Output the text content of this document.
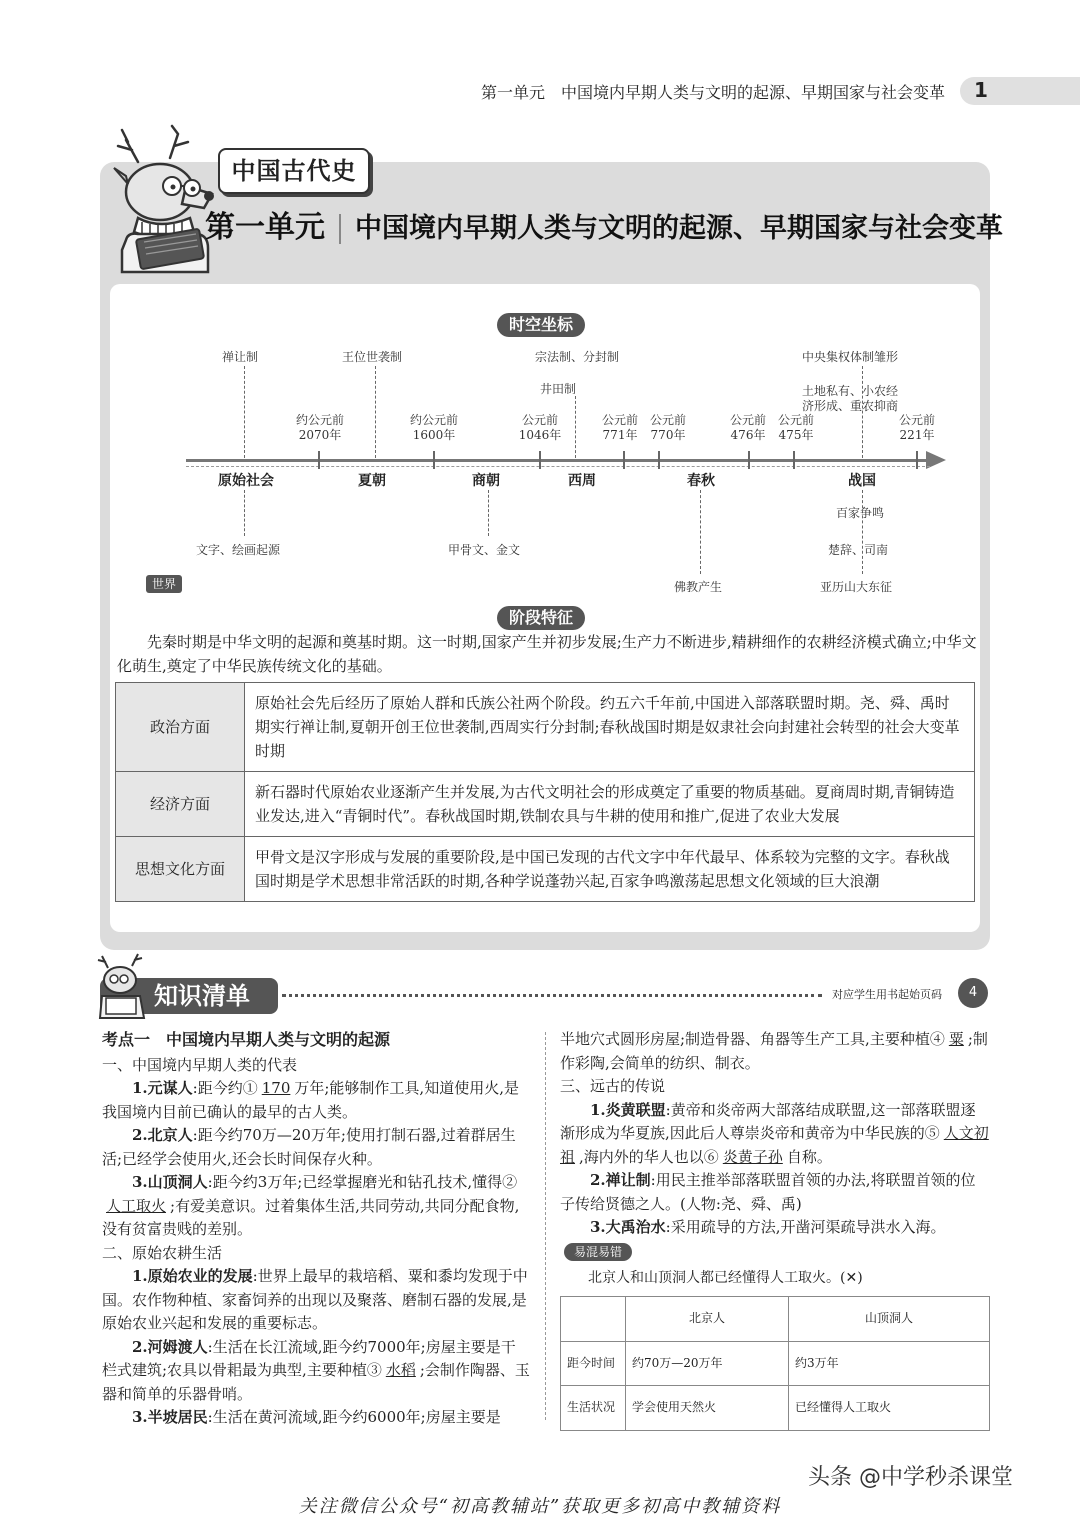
第一单元　中国境内早期人类与文明的起源、早期国家与社会变革 1
中国古代史
第一单元 中国境内早期人类与文明的起源、早期国家与社会变革
时空坐标
禅让制	王位世袭制	宗法制、分封制
井田制
中央集权体制雏形
土地私有、小农经
济形成、重农抑商
约公元前
2070年
约公元前
1600年
公元前
1046年
公元前
771年
公元前
770年
公元前
476年
公元前
475年
公元前
221年
原始社会	夏朝	商朝	西周	春秋	战国
文字、绘画起源	甲骨文、金文
佛教产生
百家争鸣
楚辞、司南
亚历山大东征
世界
阶段特征
先秦时期是中华文明的起源和奠基时期。这一时期,国家产生并初步发展;生产力不断进步,精耕细作的农耕经济模式确立;中华文化萌生,奠定了中华民族传统文化的基础。
政治方面	原始社会先后经历了原始人群和氏族公社两个阶段。约五六千年前,中国进入部落联盟时期。尧、舜、禹时期实行禅让制,夏朝开创王位世袭制,西周实行分封制;春秋战国时期是奴隶社会向封建社会转型的社会大变革时期
经济方面	新石器时代原始农业逐渐产生并发展,为古代文明社会的形成奠定了重要的物质基础。夏商周时期,青铜铸造业发达,进入“青铜时代”。春秋战国时期,铁制农具与牛耕的使用和推广,促进了农业大发展
思想文化方面	甲骨文是汉字形成与发展的重要阶段,是中国已发现的古代文字中年代最早、体系较为完整的文字。春秋战国时期是学术思想非常活跃的时期,各种学说蓬勃兴起,百家争鸣激荡起思想文化领域的巨大浪潮
知识清单	对应学生用书起始页码	4

考点一　中国境内早期人类与文明的起源

一、中国境内早期人类的代表

1.元谋人:距今约① 170 万年;能够制作工具,知道使用火,是我国境内目前已确认的最早的古人类。

2.北京人:距今约70万—20万年;使用打制石器,过着群居生活;已经学会使用火,还会长时间保存火种。

3.山顶洞人:距今约3万年;已经掌握磨光和钻孔技术,懂得②人工取火 ;有爱美意识。过着集体生活,共同劳动,共同分配食物,没有贫富贵贱的差别。

二、原始农耕生活

1.原始农业的发展:世界上最早的栽培稻、粟和黍均发现于中国。农作物种植、家畜饲养的出现以及聚落、磨制石器的发展,是原始农业兴起和发展的重要标志。

2.河姆渡人:生活在长江流域,距今约7000年;房屋主要是干栏式建筑;农具以骨耜最为典型,主要种植③ 水稻 ;会制作陶器、玉器和简单的乐器骨哨。

3.半坡居民:生活在黄河流域,距今约6000年;房屋主要是

半地穴式圆形房屋;制造骨器、角器等生产工具,主要种植④ 粟 ;制作彩陶,会简单的纺织、制衣。

三、远古的传说

1.炎黄联盟:黄帝和炎帝两大部落结成联盟,这一部落联盟逐渐形成为华夏族,因此后人尊崇炎帝和黄帝为中华民族的⑤ 人文初祖 ,海内外的华人也以⑥ 炎黄子孙 自称。

2.禅让制:用民主推举部落联盟首领的办法,将联盟首领的位子传给贤德之人。(人物:尧、舜、禹)

3.大禹治水:采用疏导的方法,开凿河渠疏导洪水入海。

易混易错

北京人和山顶洞人都已经懂得人工取火。(✕)

	北京人	山顶洞人
距今时间	约70万—20万年	约3万年
生活状况	学会使用天然火	已经懂得人工取火
头条 @中学秒杀课堂
关注微信公众号“初高教辅站”获取更多初高中教辅资料
